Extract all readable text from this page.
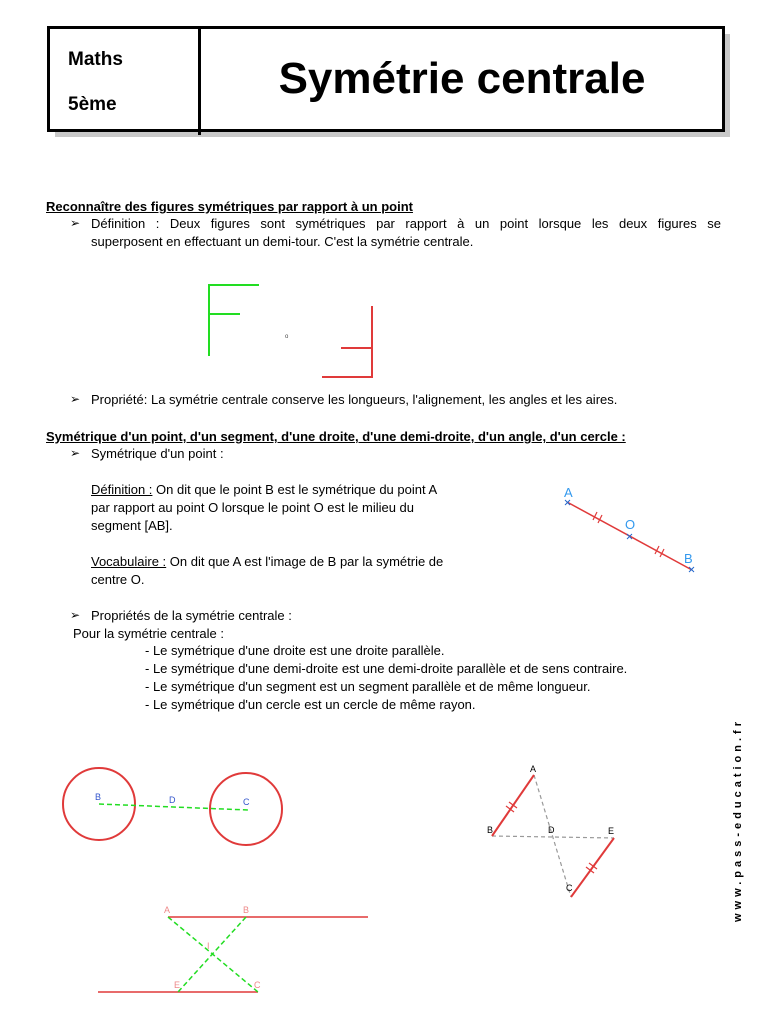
Maths
5ème
Symétrie centrale
Reconnaître des figures symétriques par rapport à un point
➢ Définition : Deux figures sont symétriques par rapport à un point lorsque les deux figures se
superposent en effectuant un demi-tour. C'est la symétrie centrale.
➢ Propriété: La symétrie centrale conserve les longueurs, l'alignement, les angles et les aires.
Symétrique d'un point, d'un segment, d'une droite, d'une demi-droite, d'un angle, d'un cercle :
➢ Symétrique d'un point :
Définition : On dit que le point B est le symétrique du point A
par rapport au point O lorsque le point O est le milieu du
segment [AB].
Vocabulaire : On dit que A est l'image de B par la symétrie de
centre O.
➢ Propriétés de la symétrie centrale :
Pour la symétrie centrale :
- Le symétrique d'une droite est une droite parallèle.
- Le symétrique d'une demi-droite est une demi-droite parallèle et de sens contraire.
- Le symétrique d'un segment est un segment parallèle et de même longueur.
- Le symétrique d'un cercle est un cercle de même rayon.
www.pass-education.fr
o
A
O
B
B	D	C
A
B	D	E
C
A	B
I
E	C
